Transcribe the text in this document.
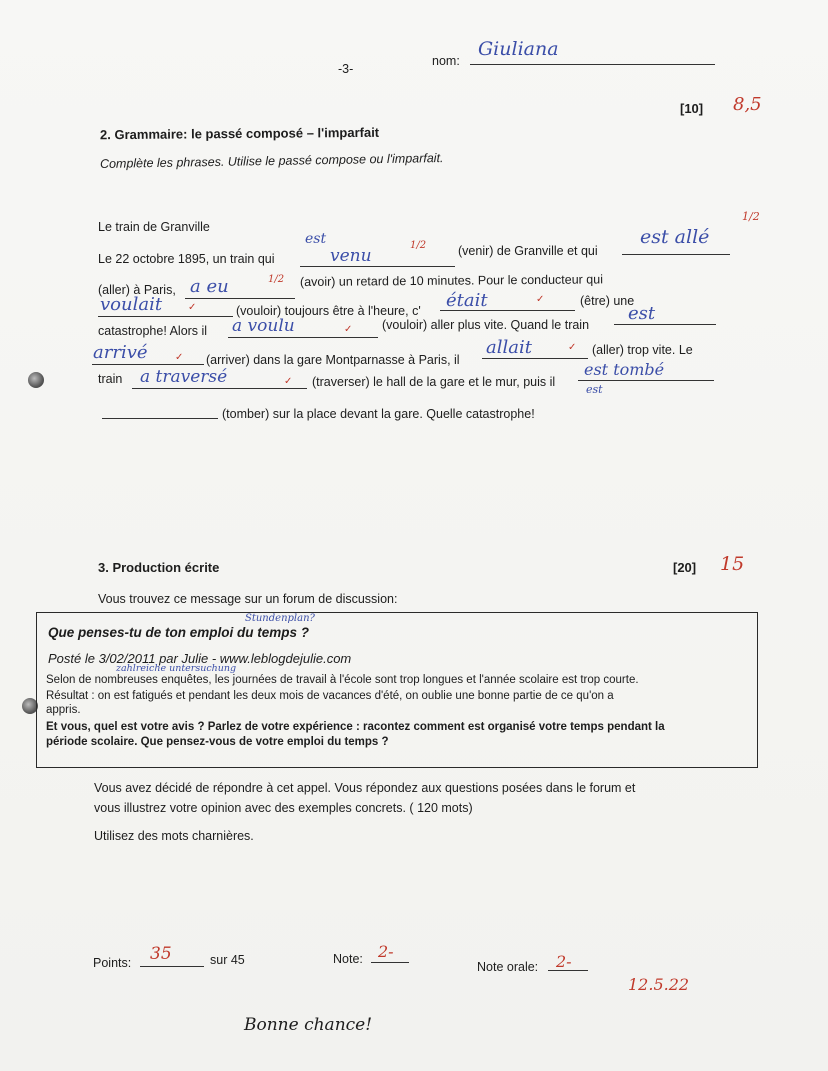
-3-
nom:
Giuliana
[10] 8,5
2. Grammaire: le passé composé – l'imparfait
Complète les phrases. Utilise le passé compose ou l'imparfait.
Le train de Granville
1/2
Le 22 octobre 1895, un train qui
est
venu
1/2	(venir) de Granville et qui
est allé
(aller) à Paris, a eu	1/2 (avoir) un retard de 10 minutes. Pour le conducteur qui
voulait	✓	(vouloir) toujours être à l'heure, c' était	✓	(être) une
catastrophe! Alors il a voulu	✓ (vouloir) aller plus vite. Quand le train
est
arrivé	✓ (arriver) dans la gare Montparnasse à Paris, il
allait	✓ (aller) trop vite. Le
train a traversé	✓ (traverser) le hall de la gare et le mur, puis il
est tombé
est
(tomber) sur la place devant la gare. Quelle catastrophe!
3. Production écrite	[20] 15
Vous trouvez ce message sur un forum de discussion:
Stundenplan?
Que penses-tu de ton emploi du temps ?
Posté le 3/02/2011 par Julie - www.leblogdejulie.com
zahlreiche untersuchung
Selon de nombreuses enquêtes, les journées de travail à l'école sont trop longues et l'année scolaire est trop courte.
Résultat : on est fatigués et pendant les deux mois de vacances d'été, on oublie une bonne partie de ce qu'on a
appris.
Et vous, quel est votre avis ? Parlez de votre expérience : racontez comment est organisé votre temps pendant la
période scolaire. Que pensez-vous de votre emploi du temps ?
Vous avez décidé de répondre à cet appel. Vous répondez aux questions posées dans le forum et
vous illustrez votre opinion avec des exemples concrets. ( 120 mots)
Utilisez des mots charnières.
Points: 35	sur 45	Note: 2-
Note orale: 2-
12.5.22
Bonne chance!
